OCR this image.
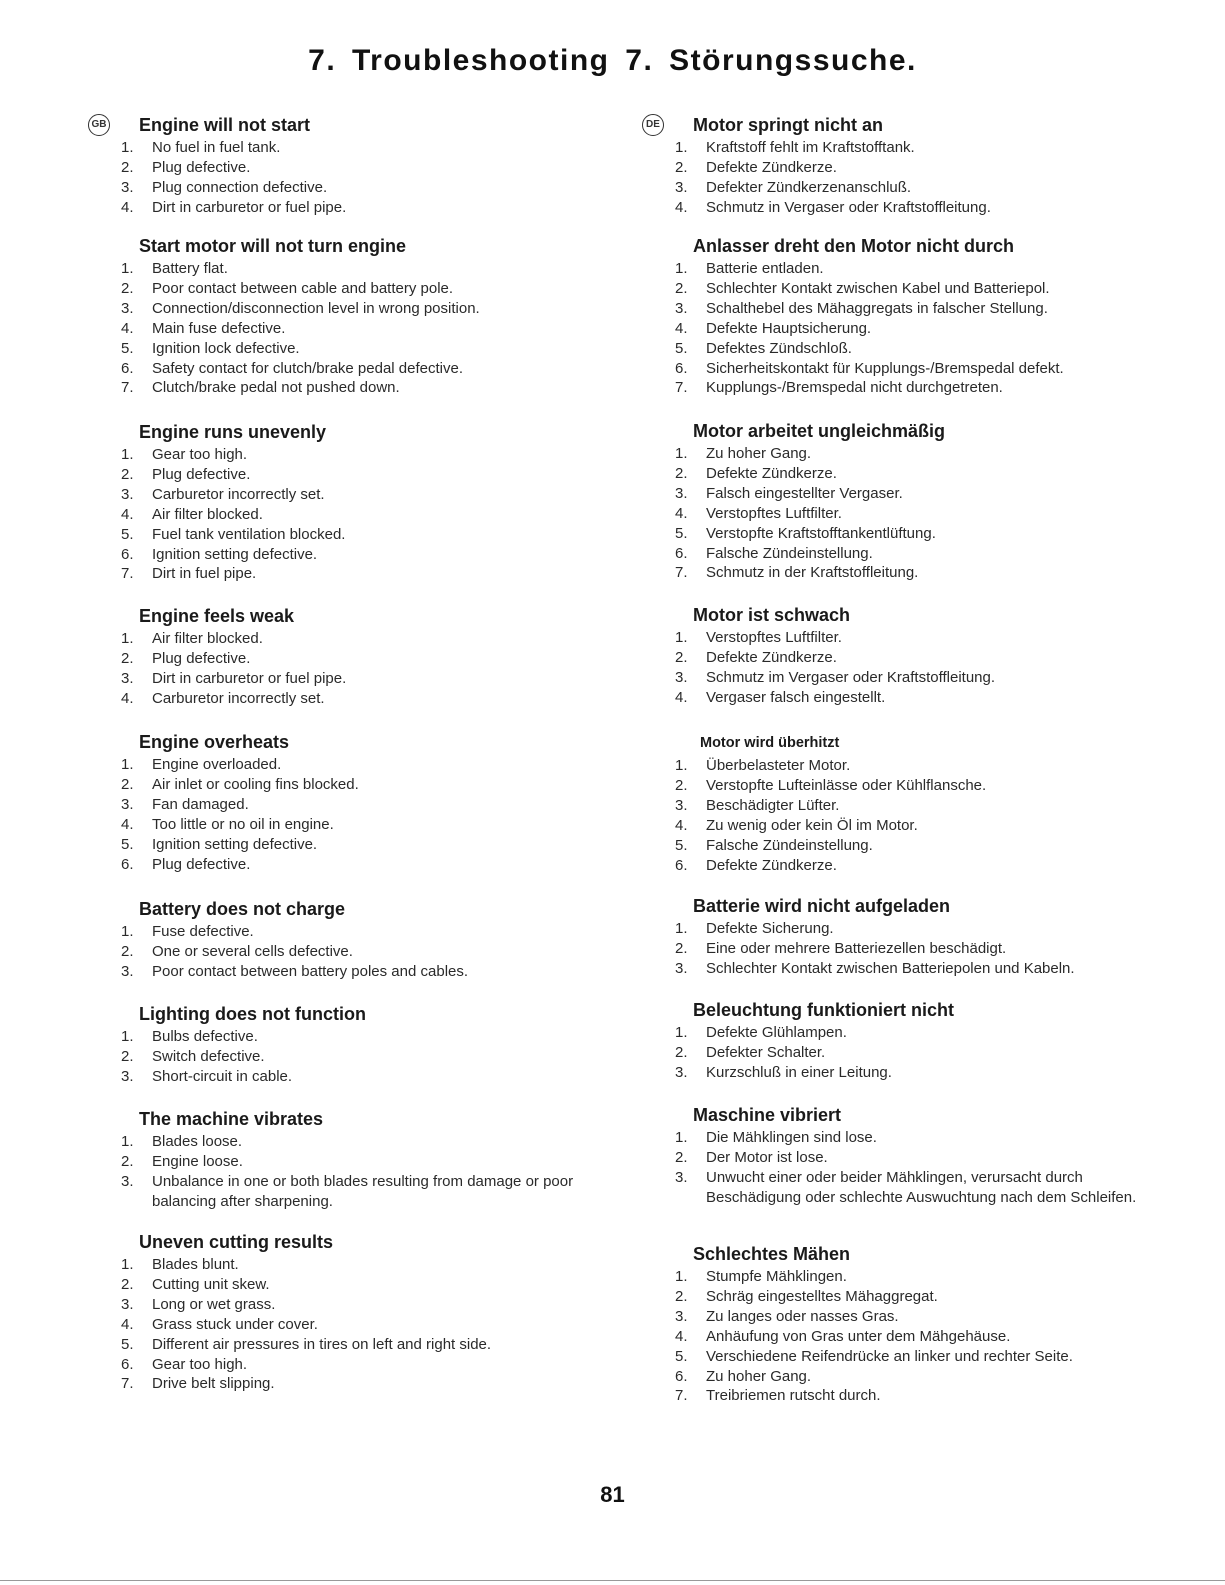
7. Troubleshooting 7. Störungssuche.
GB Engine will not start
1. No fuel in fuel tank.
2. Plug defective.
3. Plug connection defective.
4. Dirt in carburetor or fuel pipe.
Start motor will not turn engine
1. Battery flat.
2. Poor contact between cable and battery pole.
3. Connection/disconnection level in wrong position.
4. Main fuse defective.
5. Ignition lock defective.
6. Safety contact for clutch/brake pedal defective.
7. Clutch/brake pedal not pushed down.
Engine runs unevenly
1. Gear too high.
2. Plug defective.
3. Carburetor incorrectly set.
4. Air filter blocked.
5. Fuel tank ventilation blocked.
6. Ignition setting defective.
7. Dirt in fuel pipe.
Engine feels weak
1. Air filter blocked.
2. Plug defective.
3. Dirt in carburetor or fuel pipe.
4. Carburetor incorrectly set.
Engine overheats
1. Engine overloaded.
2. Air inlet or cooling fins blocked.
3. Fan damaged.
4. Too little or no oil in engine.
5. Ignition setting defective.
6. Plug defective.
Battery does not charge
1. Fuse defective.
2. One or several cells defective.
3. Poor contact between battery poles and cables.
Lighting does not function
1. Bulbs defective.
2. Switch defective.
3. Short-circuit in cable.
The machine vibrates
1. Blades loose.
2. Engine loose.
3. Unbalance in one or both blades resulting from damage or poor balancing after sharpening.
Uneven cutting results
1. Blades blunt.
2. Cutting unit skew.
3. Long or wet grass.
4. Grass stuck under cover.
5. Different air pressures in tires on left and right side.
6. Gear too high.
7. Drive belt slipping.
DE Motor springt nicht an
1. Kraftstoff fehlt im Kraftstofftank.
2. Defekte Zündkerze.
3. Defekter Zündkerzenanschluß.
4. Schmutz in Vergaser oder Kraftstoffleitung.
Anlasser dreht den Motor nicht durch
1. Batterie entladen.
2. Schlechter Kontakt zwischen Kabel und Batteriepol.
3. Schalthebel des Mähaggregats in falscher Stellung.
4. Defekte Hauptsicherung.
5. Defektes Zündschloß.
6. Sicherheitskontakt für Kupplungs-/Bremspedal defekt.
7. Kupplungs-/Bremspedal nicht durchgetreten.
Motor arbeitet ungleichmäßig
1. Zu hoher Gang.
2. Defekte Zündkerze.
3. Falsch eingestellter Vergaser.
4. Verstopftes Luftfilter.
5. Verstopfte Kraftstofftankentlüftung.
6. Falsche Zündeinstellung.
7. Schmutz in der Kraftstoffleitung.
Motor ist schwach
1. Verstopftes Luftfilter.
2. Defekte Zündkerze.
3. Schmutz im Vergaser oder Kraftstoffleitung.
4. Vergaser falsch eingestellt.
Motor wird überhitzt
1. Überbelasteter Motor.
2. Verstopfte Lufteinlässe oder Kühlflansche.
3. Beschädigter Lüfter.
4. Zu wenig oder kein Öl im Motor.
5. Falsche Zündeinstellung.
6. Defekte Zündkerze.
Batterie wird nicht aufgeladen
1. Defekte Sicherung.
2. Eine oder mehrere Batteriezellen beschädigt.
3. Schlechter Kontakt zwischen Batteriepolen und Kabeln.
Beleuchtung funktioniert nicht
1. Defekte Glühlampen.
2. Defekter Schalter.
3. Kurzschluß in einer Leitung.
Maschine vibriert
1. Die Mähklingen sind lose.
2. Der Motor ist lose.
3. Unwucht einer oder beider Mähklingen, verursacht durch Beschädigung oder schlechte Auswuchtung nach dem Schleifen.
Schlechtes Mähen
1. Stumpfe Mähklingen.
2. Schräg eingestelltes Mähaggregat.
3. Zu langes oder nasses Gras.
4. Anhäufung von Gras unter dem Mähgehäuse.
5. Verschiedene Reifendrücke an linker und rechter Seite.
6. Zu hoher Gang.
7. Treibriemen rutscht durch.
81
